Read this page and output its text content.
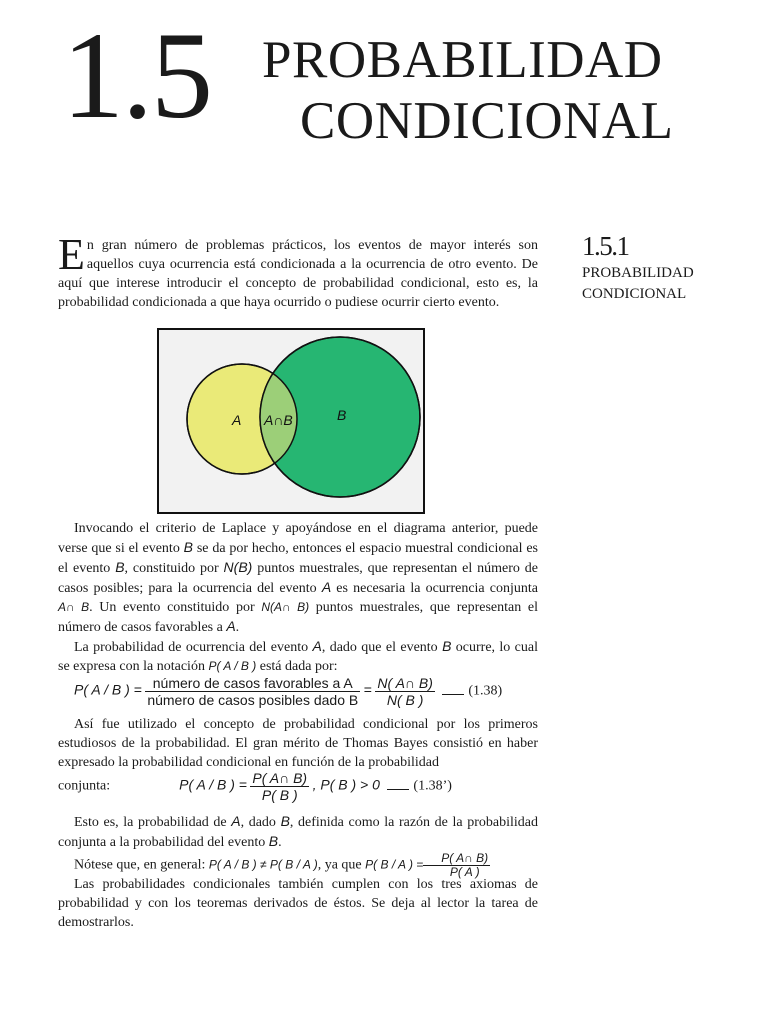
1.5 PROBABILIDAD
CONDICIONAL
1.5.1
PROBABILIDAD
CONDICIONAL
En gran número de problemas prácticos, los eventos de mayor interés son aquellos cuya ocurrencia está condicionada a la ocurrencia de otro evento. De aquí que interese introducir el concepto de probabilidad condicional, esto es, la probabilidad condicionada a que haya ocurrido o pudiese ocurrir cierto evento.
A A∩B	B

Invocando el criterio de Laplace y apoyándose en el diagrama anterior, puede verse que si el evento B se da por hecho, entonces el espacio muestral condicional es el evento B, constituido por N(B) puntos muestrales, que representan el número de casos posibles; para la ocurrencia del evento A es necesaria la ocurrencia conjunta A∩ B. Un evento constituido por N(A∩ B) puntos muestrales, que representan el número de casos favorables a A.

La probabilidad de ocurrencia del evento A, dado que el evento B ocurre, lo cual se expresa con la notación P( A / B ) está dada por:

P( A / B ) = $\frac{\text{número de casos favorables a A}}{\text{número de casos posibles dado B}} = \frac{N( A\cap B)}{N( B )} (1.38)$

Así fue utilizado el concepto de probabilidad condicional por los primeros estudiosos de la probabilidad. El gran mérito de Thomas Bayes consistió en haber expresado la probabilidad condicional en función de la probabilidad

conjunta:	P( A / B ) = $\frac{P( A\cap B)}{P( B )}$ , P( B ) > 0 (1.38’)

Esto es, la probabilidad de A, dado B, definida como la razón de la probabilidad conjunta a la probabilidad del evento B.

Nótese que, en general: P( A / B ) ≠ P( B / A ), ya que P( B / A ) = $\frac{P( A\cap B)}{P( A )}$

Las probabilidades condicionales también cumplen con los tres axiomas de probabilidad y con los teoremas derivados de éstos. Se deja al lector la tarea de demostrarlos.
